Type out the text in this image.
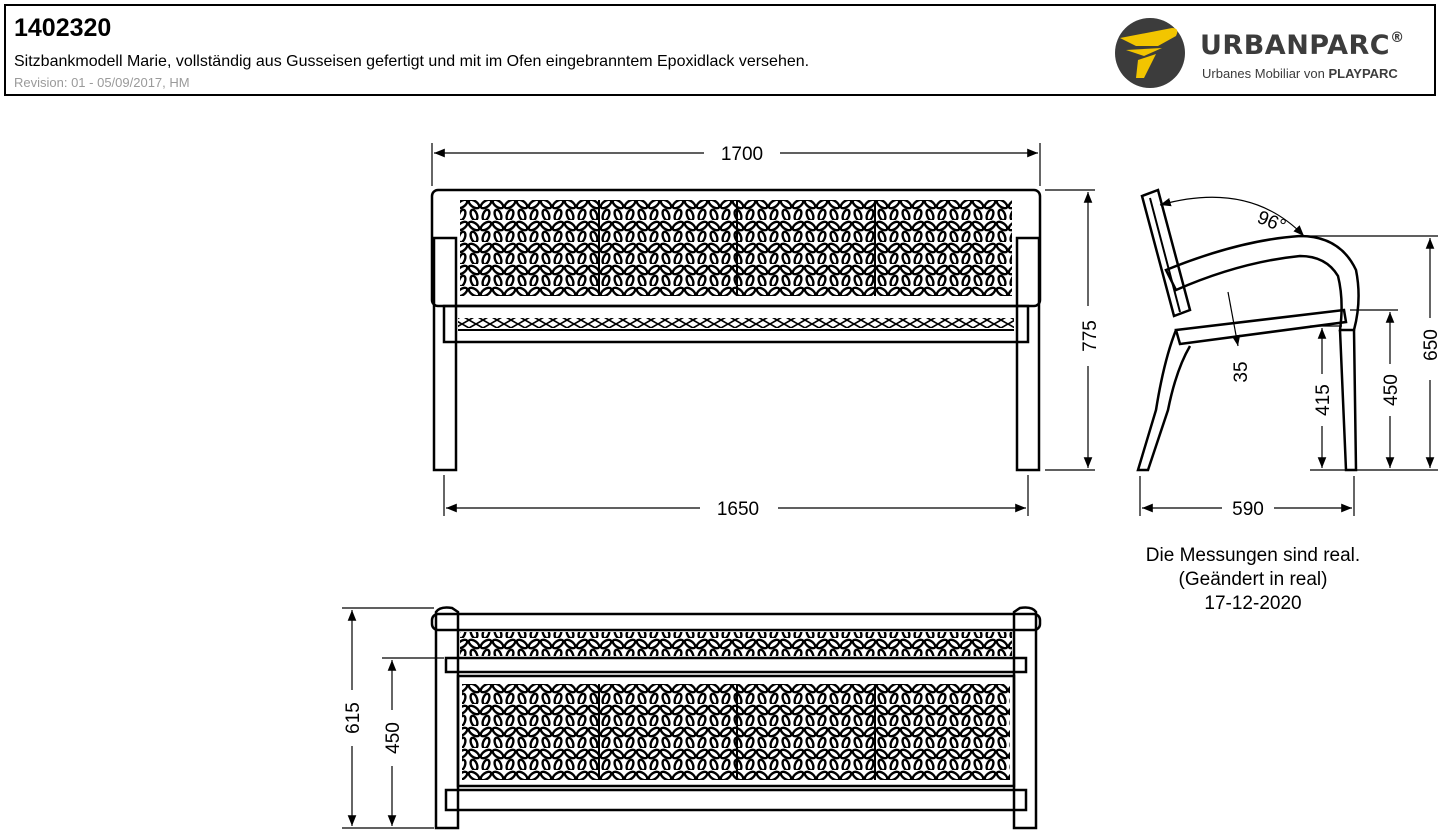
1402320
Sitzbankmodell Marie, vollständig aus Gusseisen gefertigt und mit im Ofen eingebranntem Epoxidlack versehen.
Revision: 01 - 05/09/2017, HM
URBANPARC®
Urbanes Mobiliar von PLAYPARC
1700
775
1650
96°
35
650
450
415
590
615
450
Die Messungen sind real.
(Geändert in real)
17-12-2020
